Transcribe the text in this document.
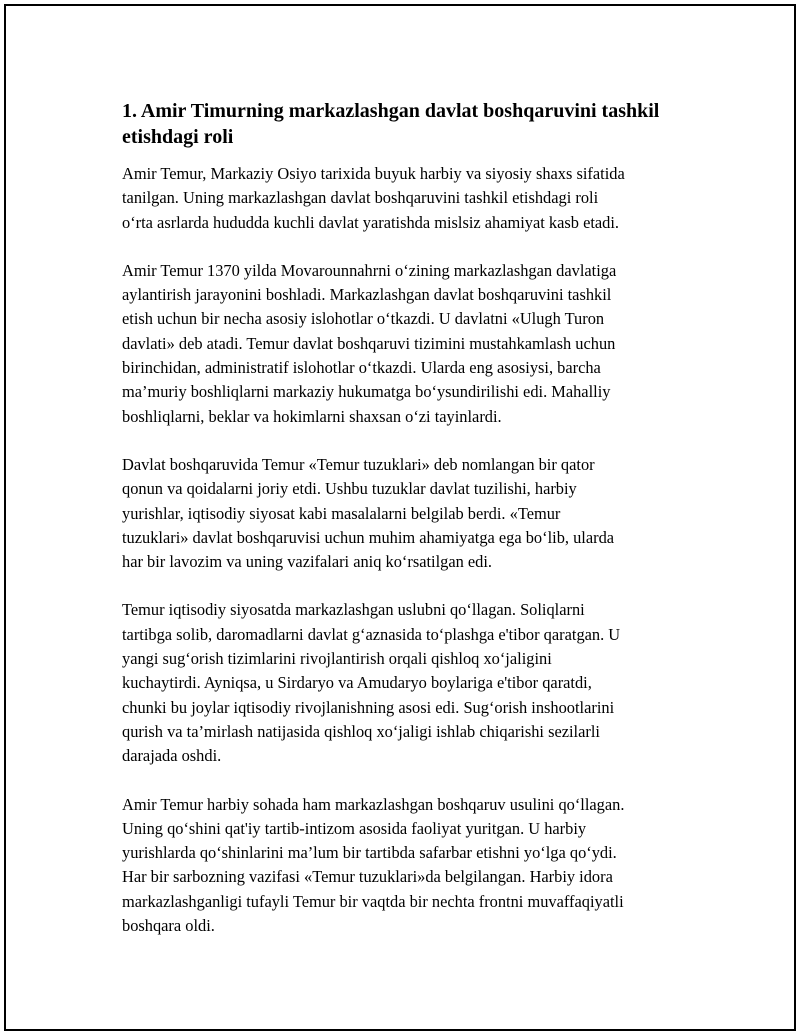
1. Amir Timurning markazlashgan davlat boshqaruvini tashkil
etishdagi roli

Amir Temur, Markaziy Osiyo tarixida buyuk harbiy va siyosiy shaxs sifatida
tanilgan. Uning markazlashgan davlat boshqaruvini tashkil etishdagi roli
o‘rta asrlarda hududda kuchli davlat yaratishda mislsiz ahamiyat kasb etadi.

Amir Temur 1370 yilda Movarounnahrni o‘zining markazlashgan davlatiga
aylantirish jarayonini boshladi. Markazlashgan davlat boshqaruvini tashkil
etish uchun bir necha asosiy islohotlar o‘tkazdi. U davlatni «Ulugh Turon
davlati» deb atadi. Temur davlat boshqaruvi tizimini mustahkamlash uchun
birinchidan, administratif islohotlar o‘tkazdi. Ularda eng asosiysi, barcha
ma’muriy boshliqlarni markaziy hukumatga bo‘ysundirilishi edi. Mahalliy
boshliqlarni, beklar va hokimlarni shaxsan o‘zi tayinlardi.

Davlat boshqaruvida Temur «Temur tuzuklari» deb nomlangan bir qator
qonun va qoidalarni joriy etdi. Ushbu tuzuklar davlat tuzilishi, harbiy
yurishlar, iqtisodiy siyosat kabi masalalarni belgilab berdi. «Temur
tuzuklari» davlat boshqaruvisi uchun muhim ahamiyatga ega bo‘lib, ularda
har bir lavozim va uning vazifalari aniq ko‘rsatilgan edi.

Temur iqtisodiy siyosatda markazlashgan uslubni qo‘llagan. Soliqlarni
tartibga solib, daromadlarni davlat g‘aznasida to‘plashga e'tibor qaratgan. U
yangi sug‘orish tizimlarini rivojlantirish orqali qishloq xo‘jaligini
kuchaytirdi. Ayniqsa, u Sirdaryo va Amudaryo boylariga e'tibor qaratdi,
chunki bu joylar iqtisodiy rivojlanishning asosi edi. Sug‘orish inshootlarini
qurish va ta’mirlash natijasida qishloq xo‘jaligi ishlab chiqarishi sezilarli
darajada oshdi.

Amir Temur harbiy sohada ham markazlashgan boshqaruv usulini qo‘llagan.
Uning qo‘shini qat'iy tartib-intizom asosida faoliyat yuritgan. U harbiy
yurishlarda qo‘shinlarini ma’lum bir tartibda safarbar etishni yo‘lga qo‘ydi.
Har bir sarbozning vazifasi «Temur tuzuklari»da belgilangan. Harbiy idora
markazlashganligi tufayli Temur bir vaqtda bir nechta frontni muvaffaqiyatli
boshqara oldi.
